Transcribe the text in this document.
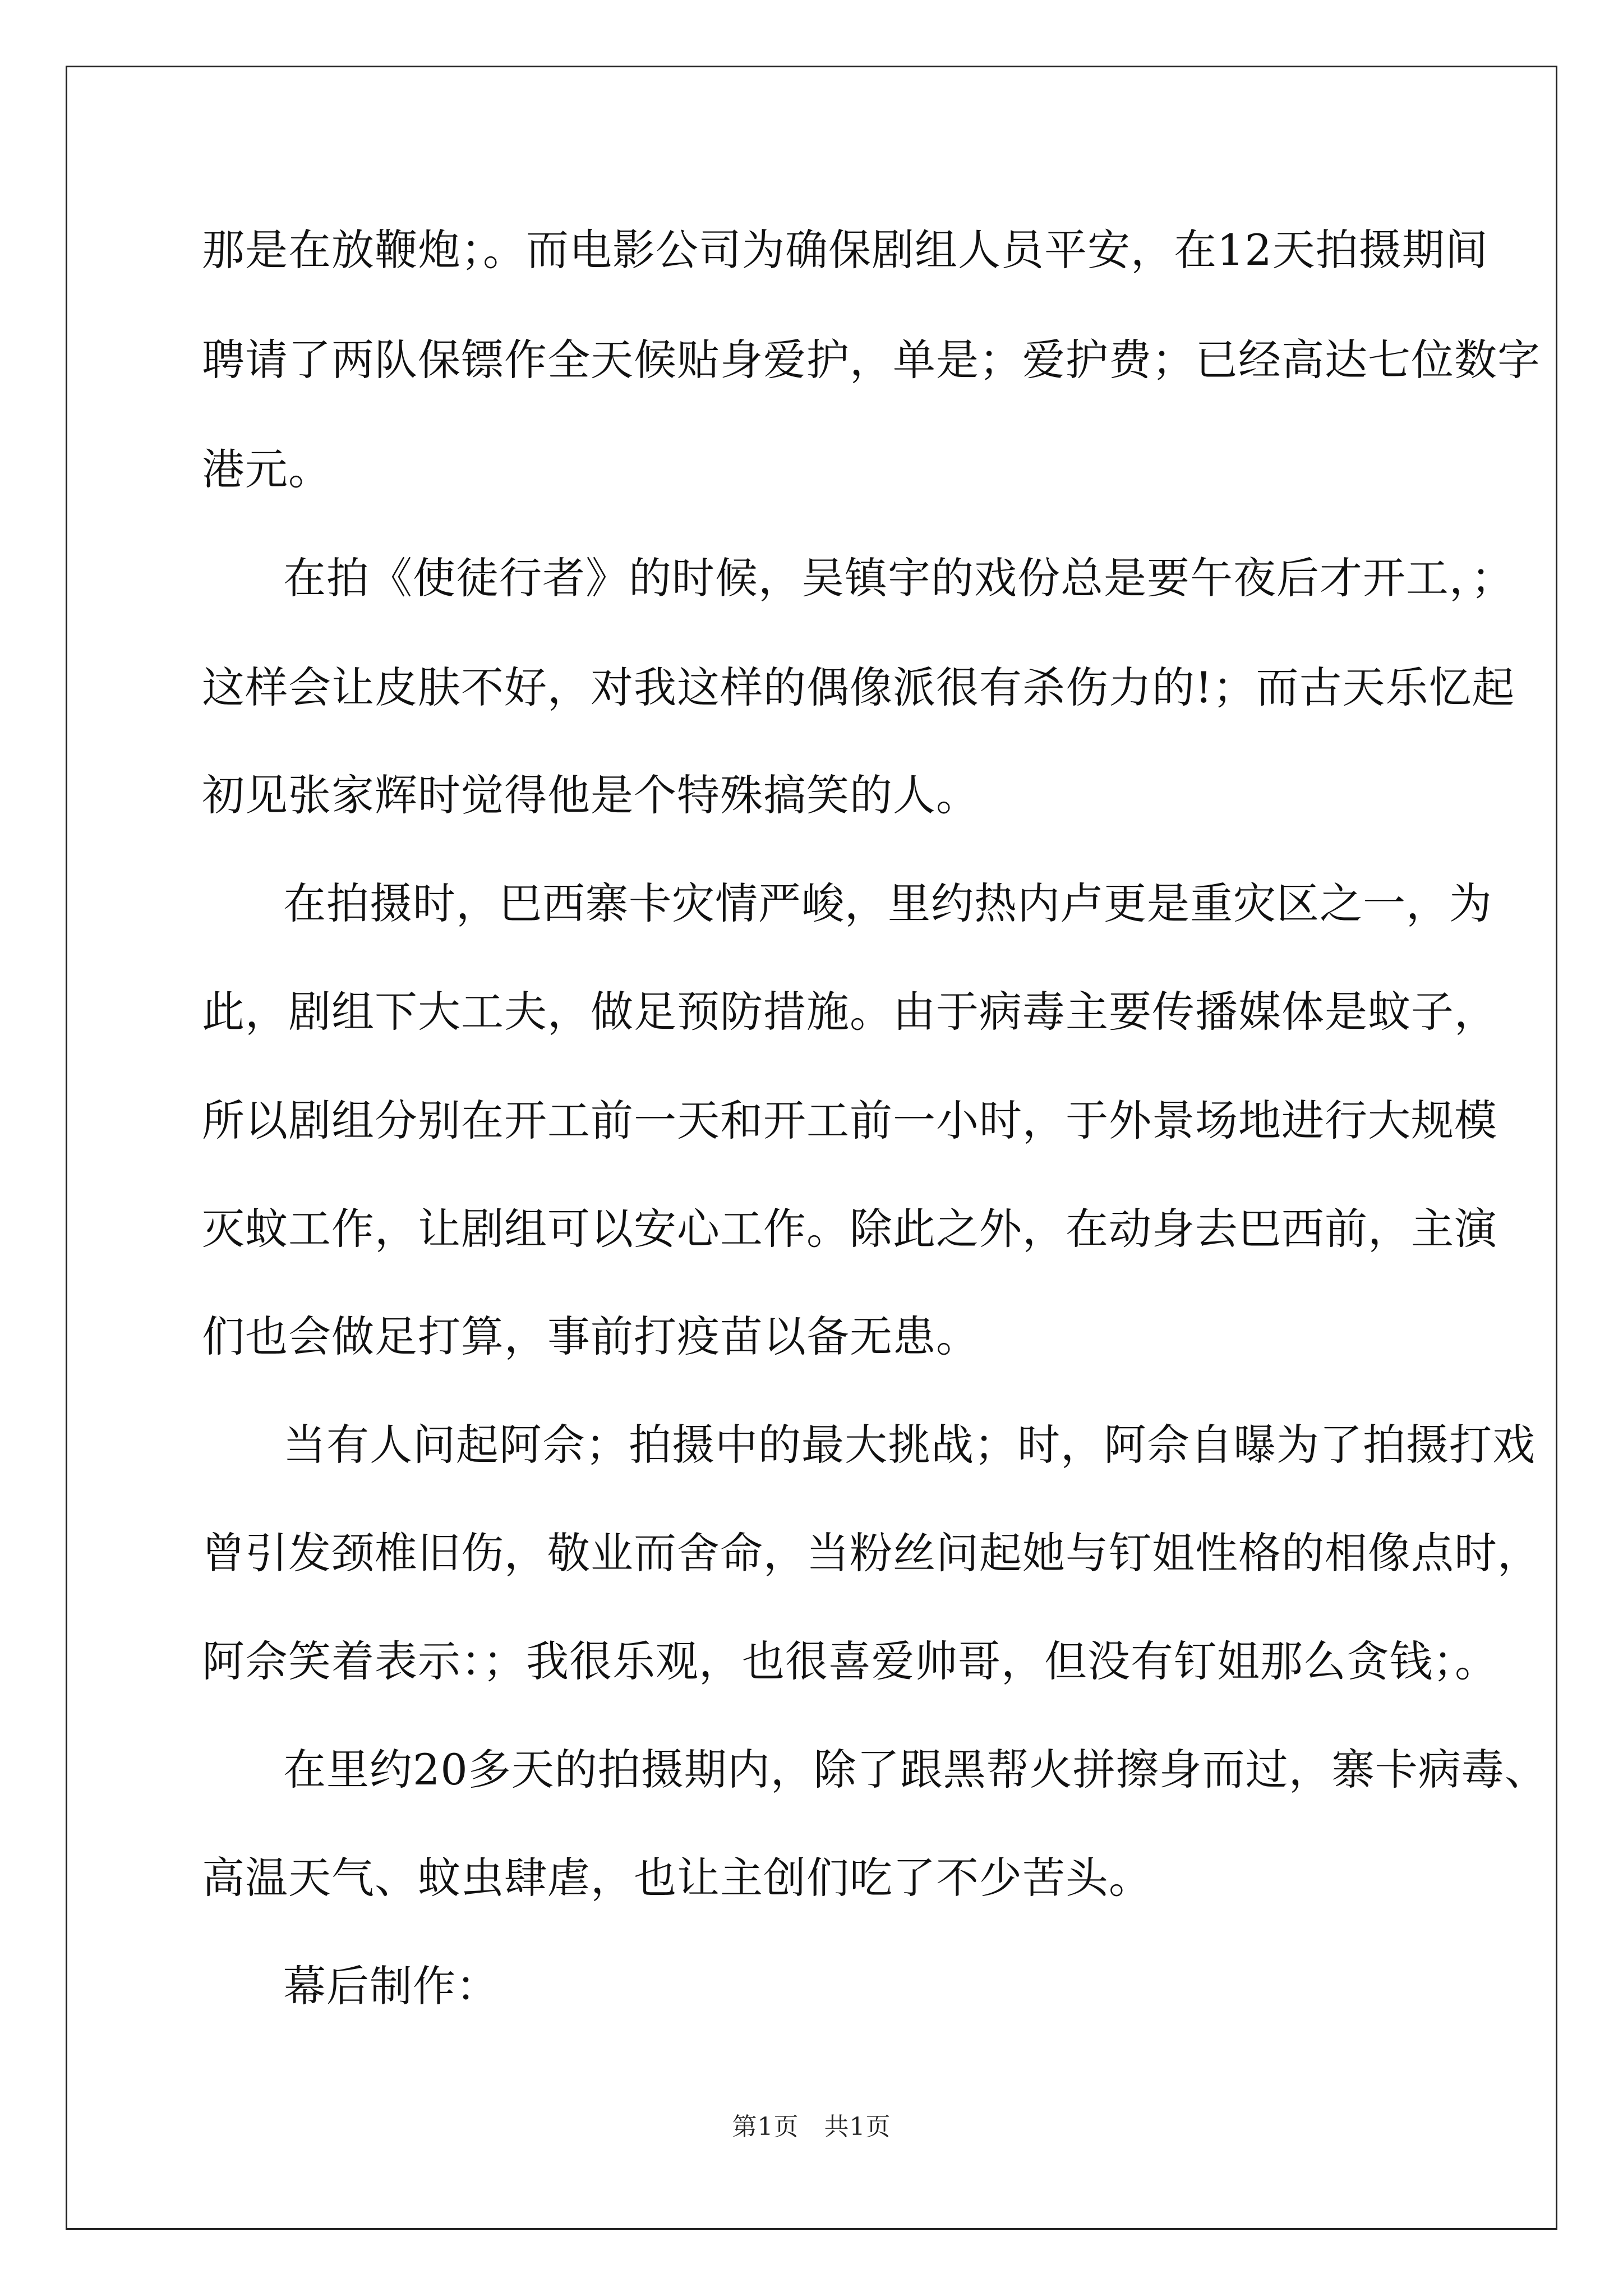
那是在放鞭炮；。而电影公司为确保剧组人员平安，在12天拍摄期间
聘请了两队保镖作全天候贴身爱护，单是；爱护费；已经高达七位数字
港元。
在拍《使徒行者》的时候，吴镇宇的戏份总是要午夜后才开工，；
这样会让皮肤不好，对我这样的偶像派很有杀伤力的!；而古天乐忆起
初见张家辉时觉得他是个特殊搞笑的人。
在拍摄时，巴西寨卡灾情严峻，里约热内卢更是重灾区之一，为
此，剧组下大工夫，做足预防措施。由于病毒主要传播媒体是蚊子，
所以剧组分别在开工前一天和开工前一小时，于外景场地进行大规模
灭蚊工作，让剧组可以安心工作。除此之外，在动身去巴西前，主演
们也会做足打算，事前打疫苗以备无患。
当有人问起阿佘；拍摄中的最大挑战；时，阿佘自曝为了拍摄打戏
曾引发颈椎旧伤，敬业而舍命，当粉丝问起她与钉姐性格的相像点时，
阿佘笑着表示：；我很乐观，也很喜爱帅哥，但没有钉姐那么贪钱；。
在里约20多天的拍摄期内，除了跟黑帮火拼擦身而过，寨卡病毒、
高温天气、蚊虫肆虐，也让主创们吃了不少苦头。
幕后制作：
第1页　共1页
